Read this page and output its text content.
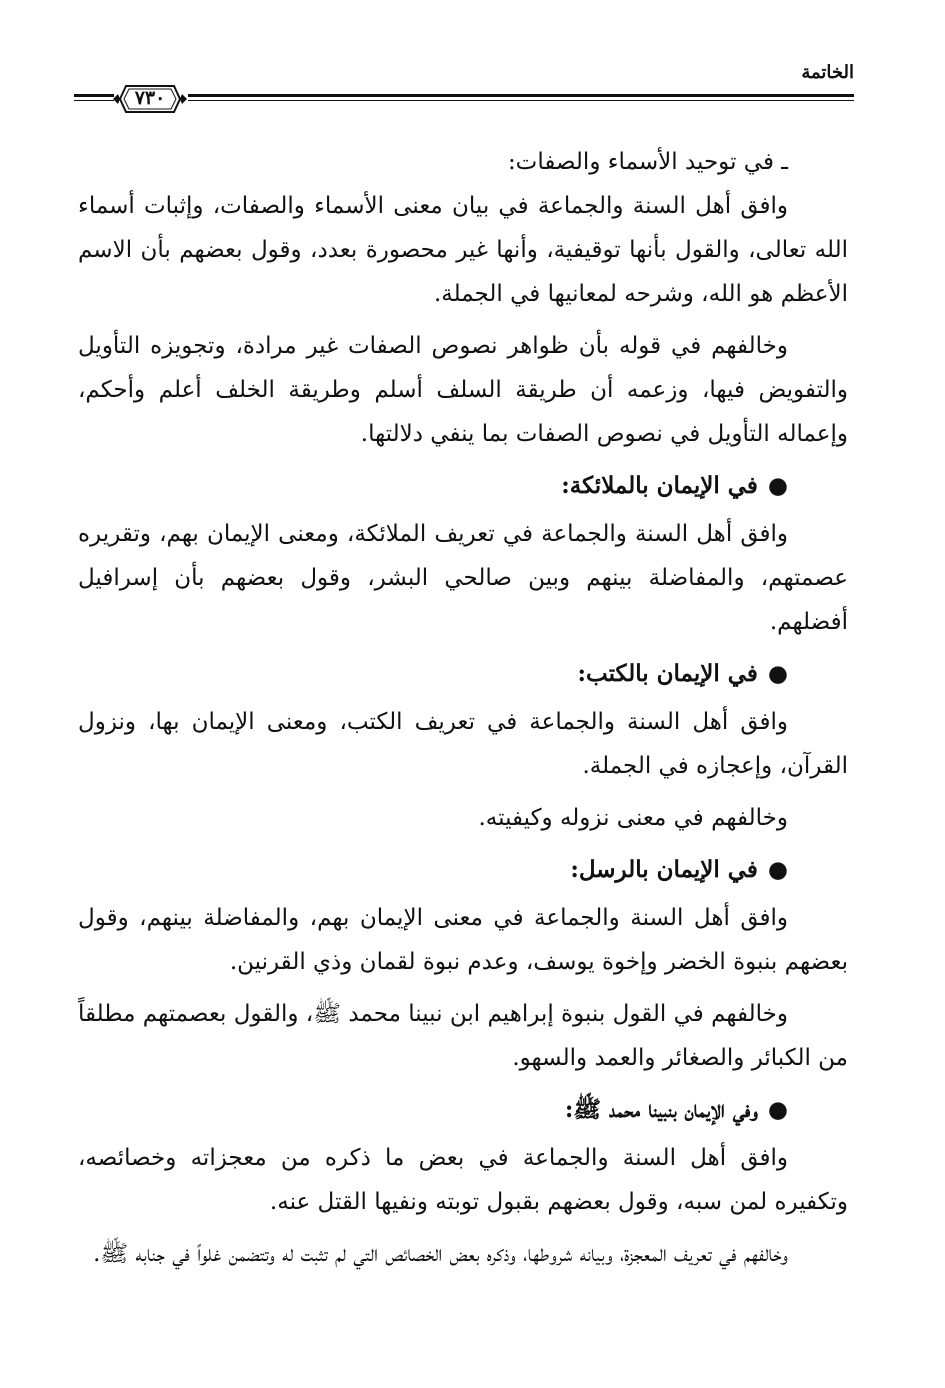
الخاتمة
٧٣٠

ـ في توحيد الأسماء والصفات:

وافق أهل السنة والجماعة في بيان معنى الأسماء والصفات، وإثبات أسماء الله تعالى، والقول بأنها توقيفية، وأنها غير محصورة بعدد، وقول بعضهم بأن الاسم الأعظم هو الله، وشرحه لمعانيها في الجملة.

وخالفهم في قوله بأن ظواهر نصوص الصفات غير مرادة، وتجويزه التأويل والتفويض فيها، وزعمه أن طريقة السلف أسلم وطريقة الخلف أعلم وأحكم، وإعماله التأويل في نصوص الصفات بما ينفي دلالتها.

●في الإيمان بالملائكة:

وافق أهل السنة والجماعة في تعريف الملائكة، ومعنى الإيمان بهم، وتقريره عصمتهم، والمفاضلة بينهم وبين صالحي البشر، وقول بعضهم بأن إسرافيل أفضلهم.

●في الإيمان بالكتب:

وافق أهل السنة والجماعة في تعريف الكتب، ومعنى الإيمان بها، ونزول القرآن، وإعجازه في الجملة.

وخالفهم في معنى نزوله وكيفيته.

●في الإيمان بالرسل:

وافق أهل السنة والجماعة في معنى الإيمان بهم، والمفاضلة بينهم، وقول بعضهم بنبوة الخضر وإخوة يوسف، وعدم نبوة لقمان وذي القرنين.

وخالفهم في القول بنبوة إبراهيم ابن نبينا محمد ﷺ، والقول بعصمتهم مطلقاً من الكبائر والصغائر والعمد والسهو.

●وفي الإيمان بنبينا محمد ﷺ:

وافق أهل السنة والجماعة في بعض ما ذكره من معجزاته وخصائصه، وتكفيره لمن سبه، وقول بعضهم بقبول توبته ونفيها القتل عنه.

وخالفهم في تعريف المعجزة، وبيانه شروطها، وذكره بعض الخصائص التي لم تثبت له وتتضمن غلواً في جنابه ﷺ.
